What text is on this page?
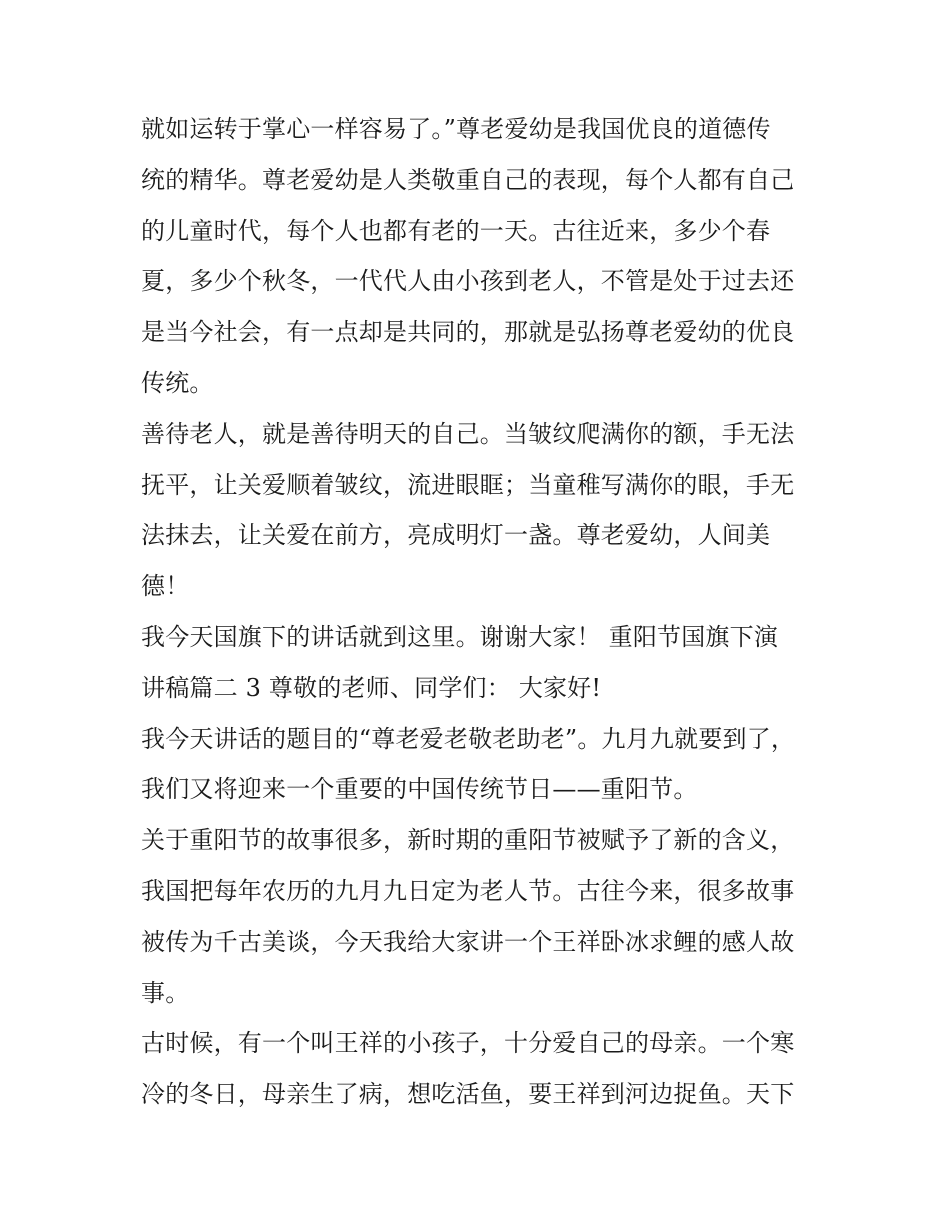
就如运转于掌心一样容易了。”尊老爱幼是我国优良的道德传
统的精华。尊老爱幼是人类敬重自己的表现，每个人都有自己
的儿童时代，每个人也都有老的一天。古往近来，多少个春
夏，多少个秋冬，一代代人由小孩到老人，不管是处于过去还
是当今社会，有一点却是共同的，那就是弘扬尊老爱幼的优良
传统。
善待老人，就是善待明天的自己。当皱纹爬满你的额，手无法
抚平，让关爱顺着皱纹，流进眼眶；当童稚写满你的眼，手无
法抹去，让关爱在前方，亮成明灯一盏。尊老爱幼，人间美
德！
我今天国旗下的讲话就到这里。谢谢大家！ 重阳节国旗下演
讲稿篇二 3 尊敬的老师、同学们： 大家好!
我今天讲话的题目的“尊老爱老敬老助老”。九月九就要到了，
我们又将迎来一个重要的中国传统节日——重阳节。
关于重阳节的故事很多，新时期的重阳节被赋予了新的含义，
我国把每年农历的九月九日定为老人节。古往今来，很多故事
被传为千古美谈，今天我给大家讲一个王祥卧冰求鲤的感人故
事。
古时候，有一个叫王祥的小孩子，十分爱自己的母亲。一个寒
冷的冬日，母亲生了病，想吃活鱼，要王祥到河边捉鱼。天下
